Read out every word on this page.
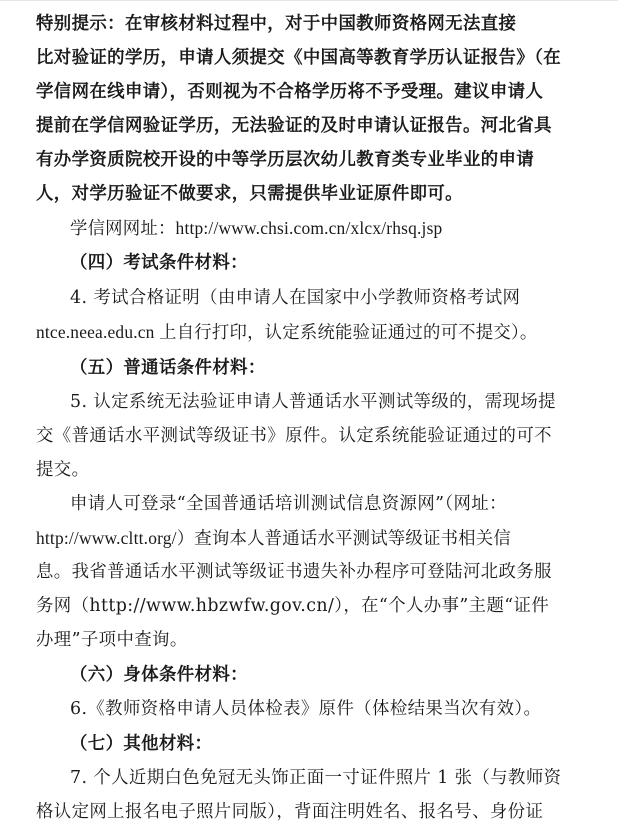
特别提示：在审核材料过程中，对于中国教师资格网无法直接
比对验证的学历，申请人须提交《中国高等教育学历认证报告》（在
学信网在线申请），否则视为不合格学历将不予受理。建议申请人
提前在学信网验证学历，无法验证的及时申请认证报告。河北省具
有办学资质院校开设的中等学历层次幼儿教育类专业毕业的申请
人，对学历验证不做要求，只需提供毕业证原件即可。
学信网网址：http://www.chsi.com.cn/xlcx/rhsq.jsp
（四）考试条件材料：
4. 考试合格证明（由申请人在国家中小学教师资格考试网
ntce.neea.edu.cn 上自行打印，认定系统能验证通过的可不提交）。
（五）普通话条件材料：
5. 认定系统无法验证申请人普通话水平测试等级的，需现场提
交《普通话水平测试等级证书》原件。认定系统能验证通过的可不
提交。
申请人可登录“全国普通话培训测试信息资源网”（网址：
http://www.cltt.org/）查询本人普通话水平测试等级证书相关信
息。我省普通话水平测试等级证书遗失补办程序可登陆河北政务服
务网（http://www.hbzwfw.gov.cn/），在“个人办事”主题“证件
办理”子项中查询。
（六）身体条件材料：
6.《教师资格申请人员体检表》原件（体检结果当次有效）。
（七）其他材料：
7. 个人近期白色免冠无头饰正面一寸证件照片 1 张（与教师资
格认定网上报名电子照片同版），背面注明姓名、报名号、身份证
